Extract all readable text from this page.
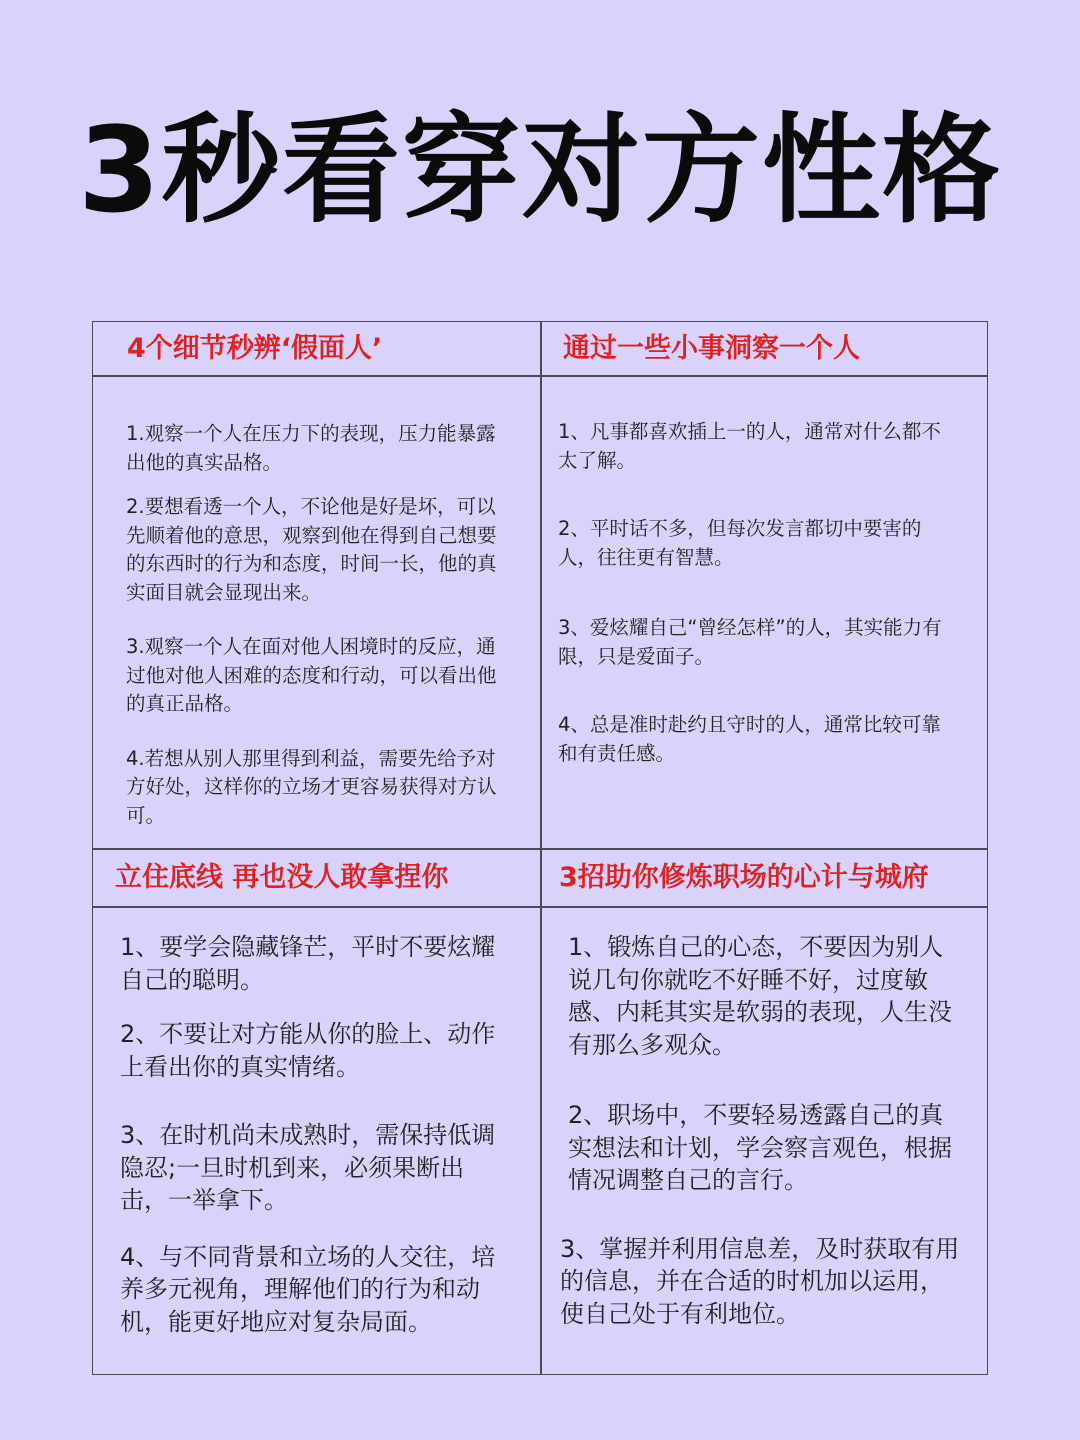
3秒看穿对方性格
4个细节秒辨‘假面人’	通过一些小事洞察一个人
立住底线 再也没人敢拿捏你	3招助你修炼职场的心计与城府

1.观察一个人在压力下的表现，压力能暴露出他的真实品格。

2.要想看透一个人，不论他是好是坏，可以先顺着他的意思，观察到他在得到自己想要的东西时的行为和态度，时间一长，他的真实面目就会显现出来。

3.观察一个人在面对他人困境时的反应，通过他对他人困难的态度和行动，可以看出他的真正品格。

4.若想从别人那里得到利益，需要先给予对方好处，这样你的立场才更容易获得对方认可。

1、凡事都喜欢插上一的人，通常对什么都不太了解。

2、平时话不多，但每次发言都切中要害的人，往往更有智慧。

3、爱炫耀自己“曾经怎样”的人，其实能力有限，只是爱面子。

4、总是准时赴约且守时的人，通常比较可靠和有责任感。

1、要学会隐藏锋芒，平时不要炫耀自己的聪明。

2、不要让对方能从你的脸上、动作上看出你的真实情绪。

3、在时机尚未成熟时，需保持低调隐忍;一旦时机到来，必须果断出击，一举拿下。

4、与不同背景和立场的人交往，培养多元视角，理解他们的行为和动机，能更好地应对复杂局面。

1、锻炼自己的心态，不要因为别人说几句你就吃不好睡不好，过度敏感、内耗其实是软弱的表现，人生没有那么多观众。

2、职场中，不要轻易透露自己的真实想法和计划，学会察言观色，根据情况调整自己的言行。

3、掌握并利用信息差，及时获取有用的信息，并在合适的时机加以运用，使自己处于有利地位。
